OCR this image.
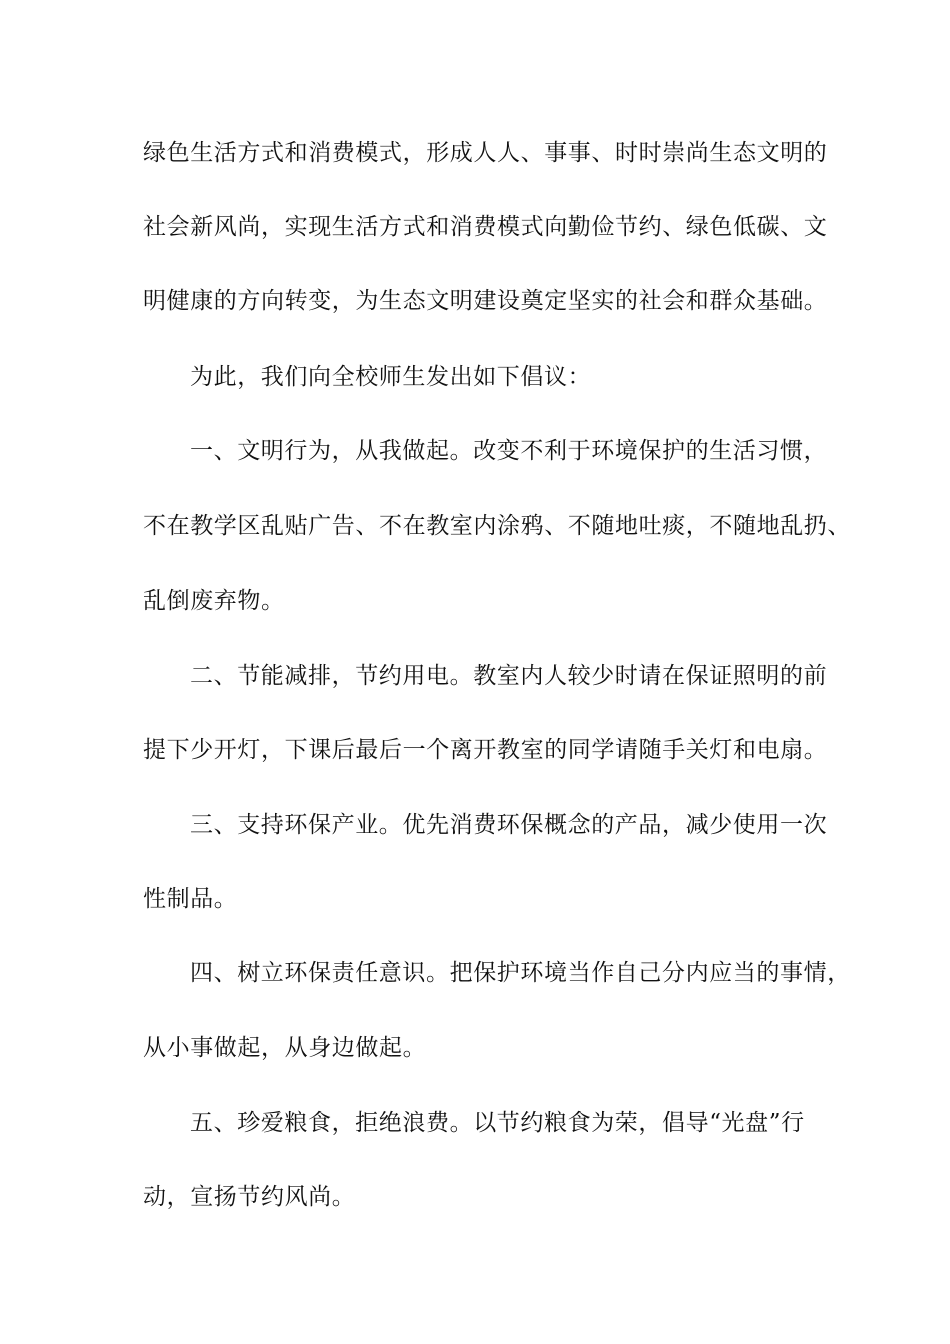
绿色生活方式和消费模式，形成人人、事事、时时崇尚生态文明的
社会新风尚，实现生活方式和消费模式向勤俭节约、绿色低碳、文
明健康的方向转变，为生态文明建设奠定坚实的社会和群众基础。
为此，我们向全校师生发出如下倡议：
一、文明行为，从我做起。改变不利于环境保护的生活习惯，
不在教学区乱贴广告、不在教室内涂鸦、不随地吐痰，不随地乱扔、
乱倒废弃物。
二、节能减排，节约用电。教室内人较少时请在保证照明的前
提下少开灯，下课后最后一个离开教室的同学请随手关灯和电扇。
三、支持环保产业。优先消费环保概念的产品，减少使用一次
性制品。
四、树立环保责任意识。把保护环境当作自己分内应当的事情，
从小事做起，从身边做起。
五、珍爱粮食，拒绝浪费。以节约粮食为荣，倡导“光盘”行
动，宣扬节约风尚。
